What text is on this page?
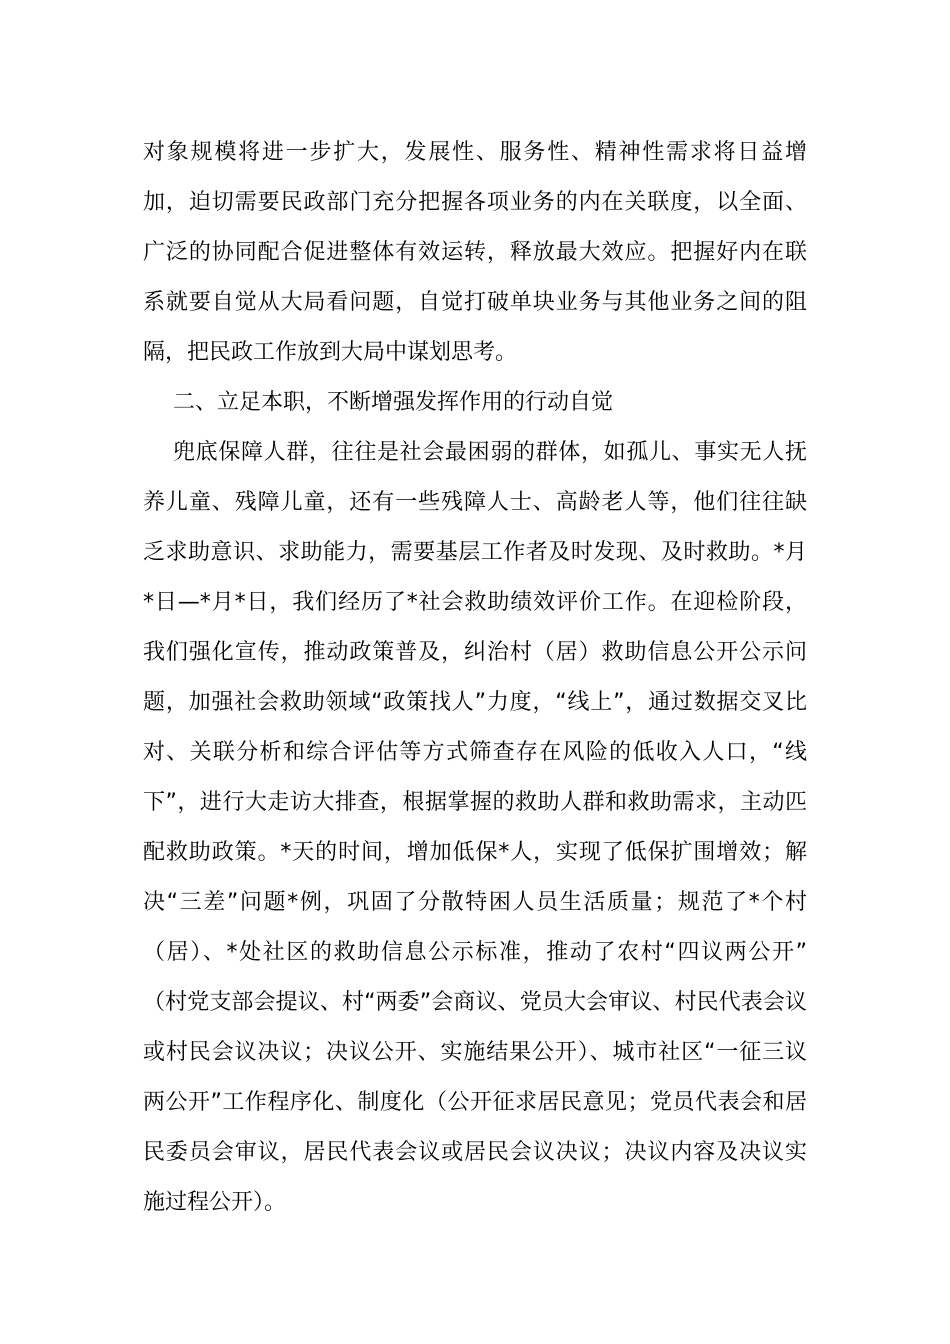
对象规模将进一步扩大，发展性、服务性、精神性需求将日益增
加，迫切需要民政部门充分把握各项业务的内在关联度，以全面、
广泛的协同配合促进整体有效运转，释放最大效应。把握好内在联
系就要自觉从大局看问题，自觉打破单块业务与其他业务之间的阻
隔，把民政工作放到大局中谋划思考。
二、立足本职，不断增强发挥作用的行动自觉
兜底保障人群，往往是社会最困弱的群体，如孤儿、事实无人抚
养儿童、残障儿童，还有一些残障人士、高龄老人等，他们往往缺
乏求助意识、求助能力，需要基层工作者及时发现、及时救助。*月
*日—*月*日，我们经历了*社会救助绩效评价工作。在迎检阶段，
我们强化宣传，推动政策普及，纠治村（居）救助信息公开公示问
题，加强社会救助领域“政策找人”力度，“线上”，通过数据交叉比
对、关联分析和综合评估等方式筛查存在风险的低收入人口，“线
下”，进行大走访大排查，根据掌握的救助人群和救助需求，主动匹
配救助政策。*天的时间，增加低保*人，实现了低保扩围增效；解
决“三差”问题*例，巩固了分散特困人员生活质量；规范了*个村
（居）、*处社区的救助信息公示标准，推动了农村“四议两公开”
（村党支部会提议、村“两委”会商议、党员大会审议、村民代表会议
或村民会议决议；决议公开、实施结果公开）、城市社区“一征三议
两公开”工作程序化、制度化（公开征求居民意见；党员代表会和居
民委员会审议，居民代表会议或居民会议决议；决议内容及决议实
施过程公开）。
